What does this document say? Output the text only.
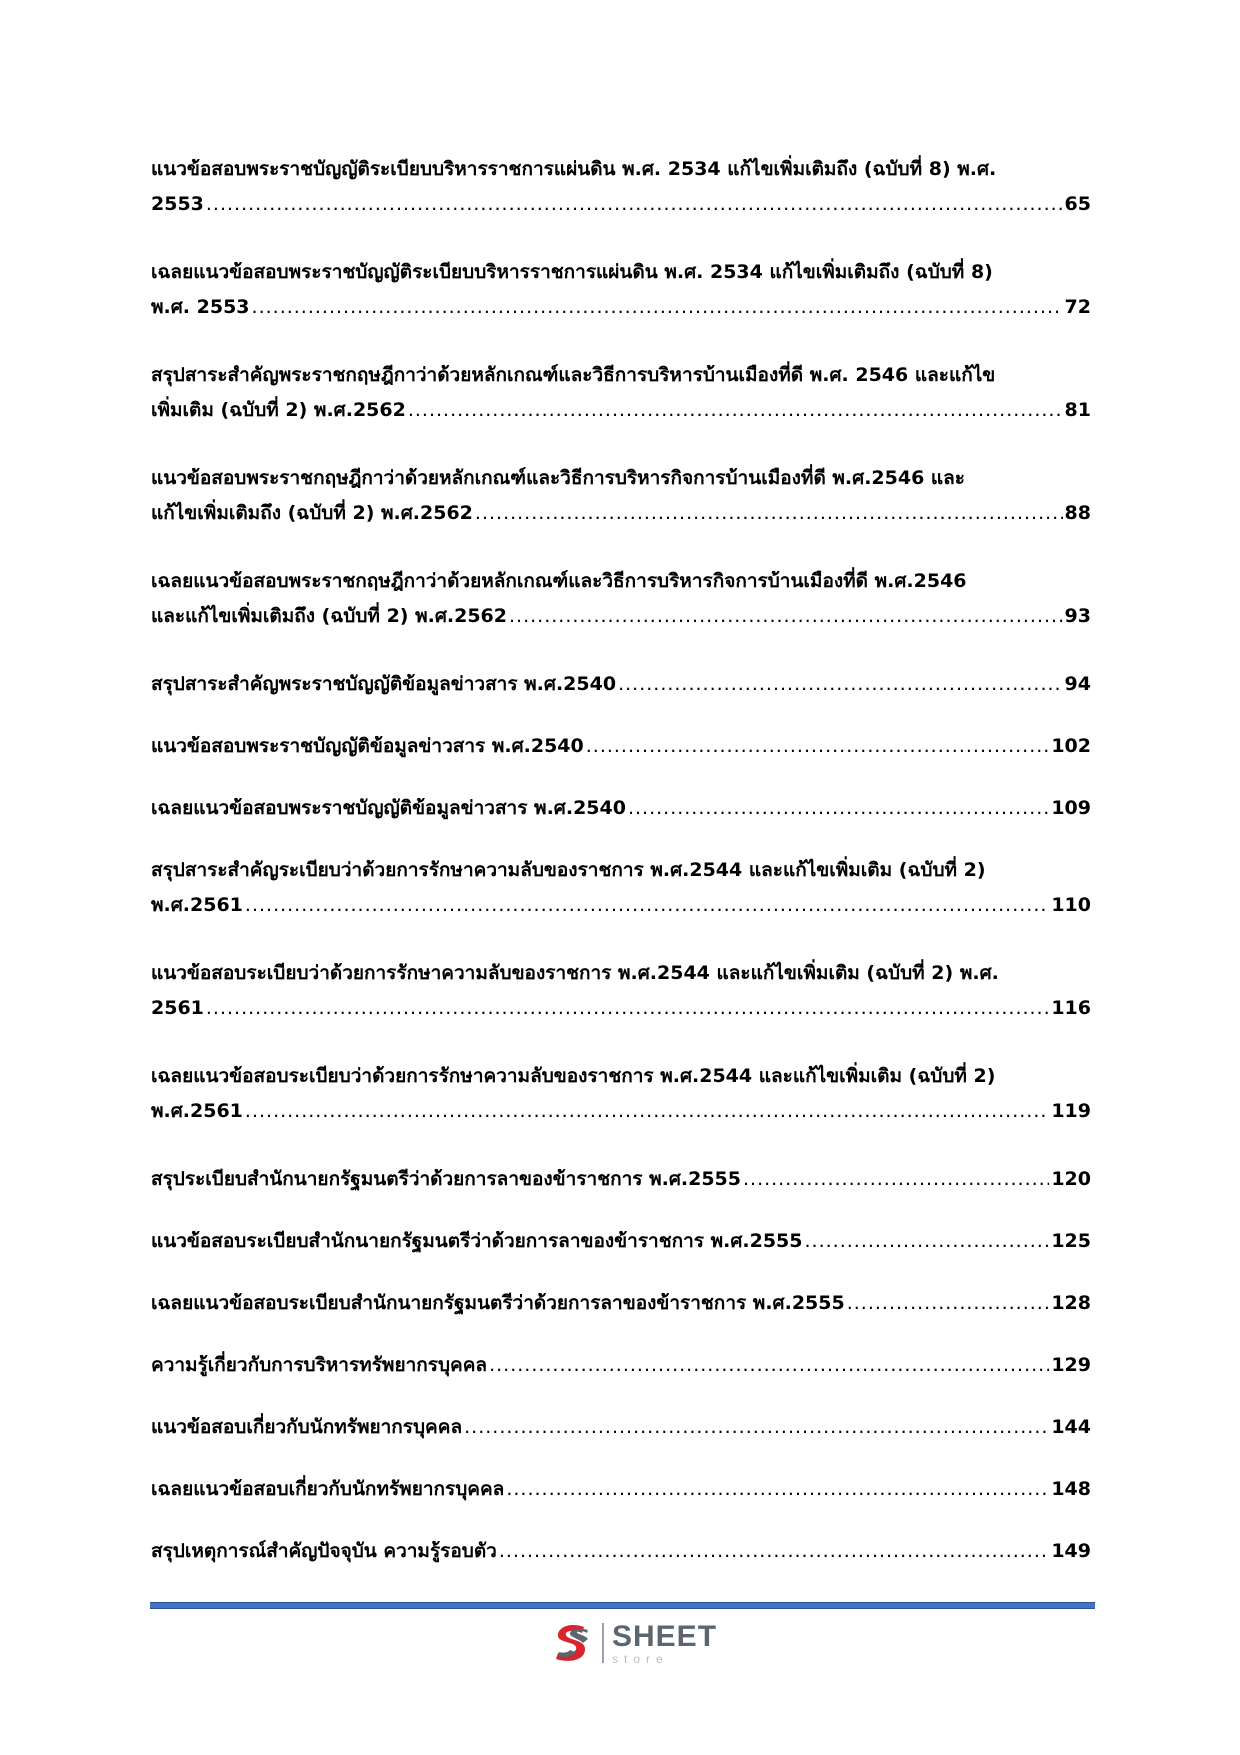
แนวข้อสอบพระราชบัญญัติระเบียบบริหารราชการแผ่นดิน พ.ศ. 2534 แก้ไขเพิ่มเติมถึง (ฉบับที่ 8) พ.ศ.
2553 .....	65
เฉลยแนวข้อสอบพระราชบัญญัติระเบียบบริหารราชการแผ่นดิน พ.ศ. 2534 แก้ไขเพิ่มเติมถึง (ฉบับที่ 8)
พ.ศ. 2553 .....	72
สรุปสาระสำคัญพระราชกฤษฎีกาว่าด้วยหลักเกณฑ์และวิธีการบริหารบ้านเมืองที่ดี พ.ศ. 2546 และแก้ไข
เพิ่มเติม (ฉบับที่ 2) พ.ศ.2562 .....	81
แนวข้อสอบพระราชกฤษฎีกาว่าด้วยหลักเกณฑ์และวิธีการบริหารกิจการบ้านเมืองที่ดี พ.ศ.2546 และ
แก้ไขเพิ่มเติมถึง (ฉบับที่ 2) พ.ศ.2562 .....	88
เฉลยแนวข้อสอบพระราชกฤษฎีกาว่าด้วยหลักเกณฑ์และวิธีการบริหารกิจการบ้านเมืองที่ดี พ.ศ.2546
และแก้ไขเพิ่มเติมถึง (ฉบับที่ 2) พ.ศ.2562 .....	93
สรุปสาระสำคัญพระราชบัญญัติข้อมูลข่าวสาร พ.ศ.2540 .....	94
แนวข้อสอบพระราชบัญญัติข้อมูลข่าวสาร พ.ศ.2540 .....	102
เฉลยแนวข้อสอบพระราชบัญญัติข้อมูลข่าวสาร พ.ศ.2540 .....	109
สรุปสาระสำคัญระเบียบว่าด้วยการรักษาความลับของราชการ พ.ศ.2544 และแก้ไขเพิ่มเติม (ฉบับที่ 2)
พ.ศ.2561 .....	110
แนวข้อสอบระเบียบว่าด้วยการรักษาความลับของราชการ พ.ศ.2544 และแก้ไขเพิ่มเติม (ฉบับที่ 2) พ.ศ.
2561 .....	116
เฉลยแนวข้อสอบระเบียบว่าด้วยการรักษาความลับของราชการ พ.ศ.2544 และแก้ไขเพิ่มเติม (ฉบับที่ 2)
พ.ศ.2561 .....	119
สรุประเบียบสำนักนายกรัฐมนตรีว่าด้วยการลาของข้าราชการ พ.ศ.2555 .....	120
แนวข้อสอบระเบียบสำนักนายกรัฐมนตรีว่าด้วยการลาของข้าราชการ พ.ศ.2555 .....	125
เฉลยแนวข้อสอบระเบียบสำนักนายกรัฐมนตรีว่าด้วยการลาของข้าราชการ พ.ศ.2555 .....	128
ความรู้เกี่ยวกับการบริหารทรัพยากรบุคคล .....	129
แนวข้อสอบเกี่ยวกับนักทรัพยากรบุคคล .....	144
เฉลยแนวข้อสอบเกี่ยวกับนักทรัพยากรบุคคล .....	148
สรุปเหตุการณ์สำคัญปัจจุบัน ความรู้รอบตัว .....	149
SHEET
store
